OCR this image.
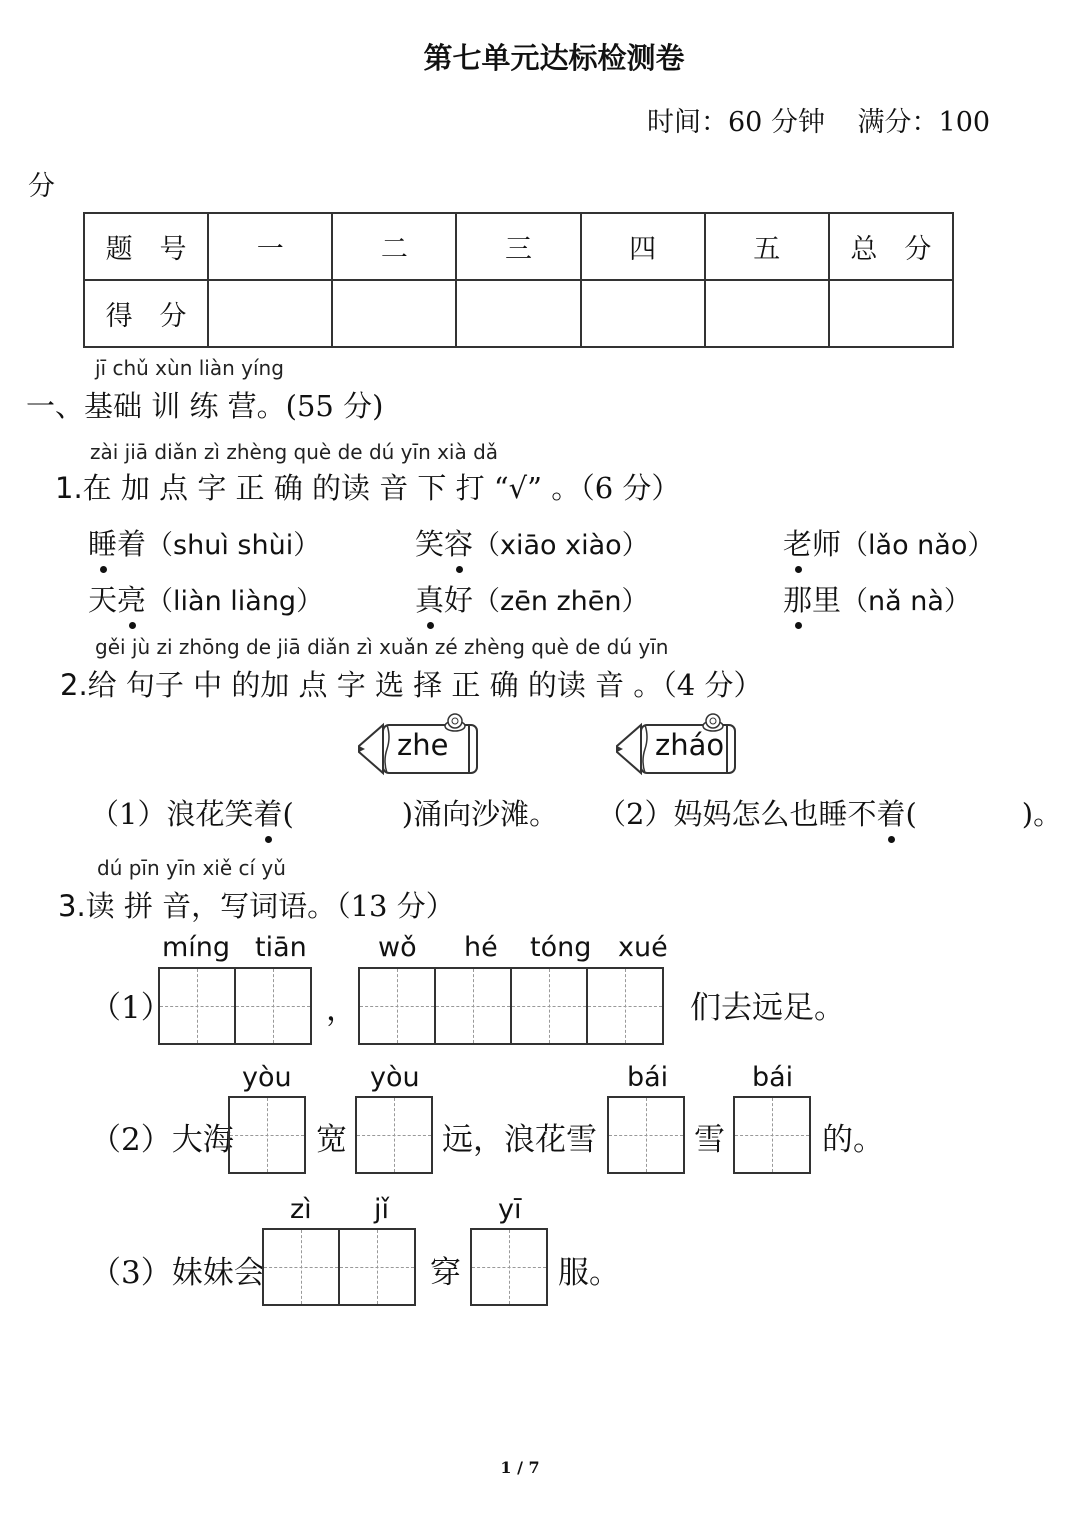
第七单元达标检测卷
时间：60 分钟 满分：100
分
题　号	一	二	三	四	五	总　分
得　分						
jī chǔ xùn liàn yíng
一、基础 训 练 营。(55 分)
zài jiā diǎn zì zhèng què de dú yīn xià dǎ
1.在 加 点 字 正 确 的读 音 下 打 “√” 。（6 分）
睡着（shuì shùi）	笑容（xiāo xiào）	老师（lǎo nǎo）
天亮（liàn liàng）	真好（zēn zhēn）	那里（nǎ nà）
gěi jù zi zhōng de jiā diǎn zì xuǎn zé zhèng què de dú yīn
2.给 句子 中 的加 点 字 选 择 正 确 的读 音 。（4 分）
zhe	zháo
（1）浪花笑着(	)涌向沙滩。 （2）妈妈怎么也睡不着(	)。
dú pīn yīn xiě cí yǔ
3.读 拼 音，写词语。（13 分）
míng tiān	wǒ hé tóng xué
（1）	，	们去远足。
yòu	yòu	bái	bái
（2）大海	宽	远，浪花雪	雪	的。
zì jǐ	yī
（3）妹妹会	穿	服。
1 / 7
